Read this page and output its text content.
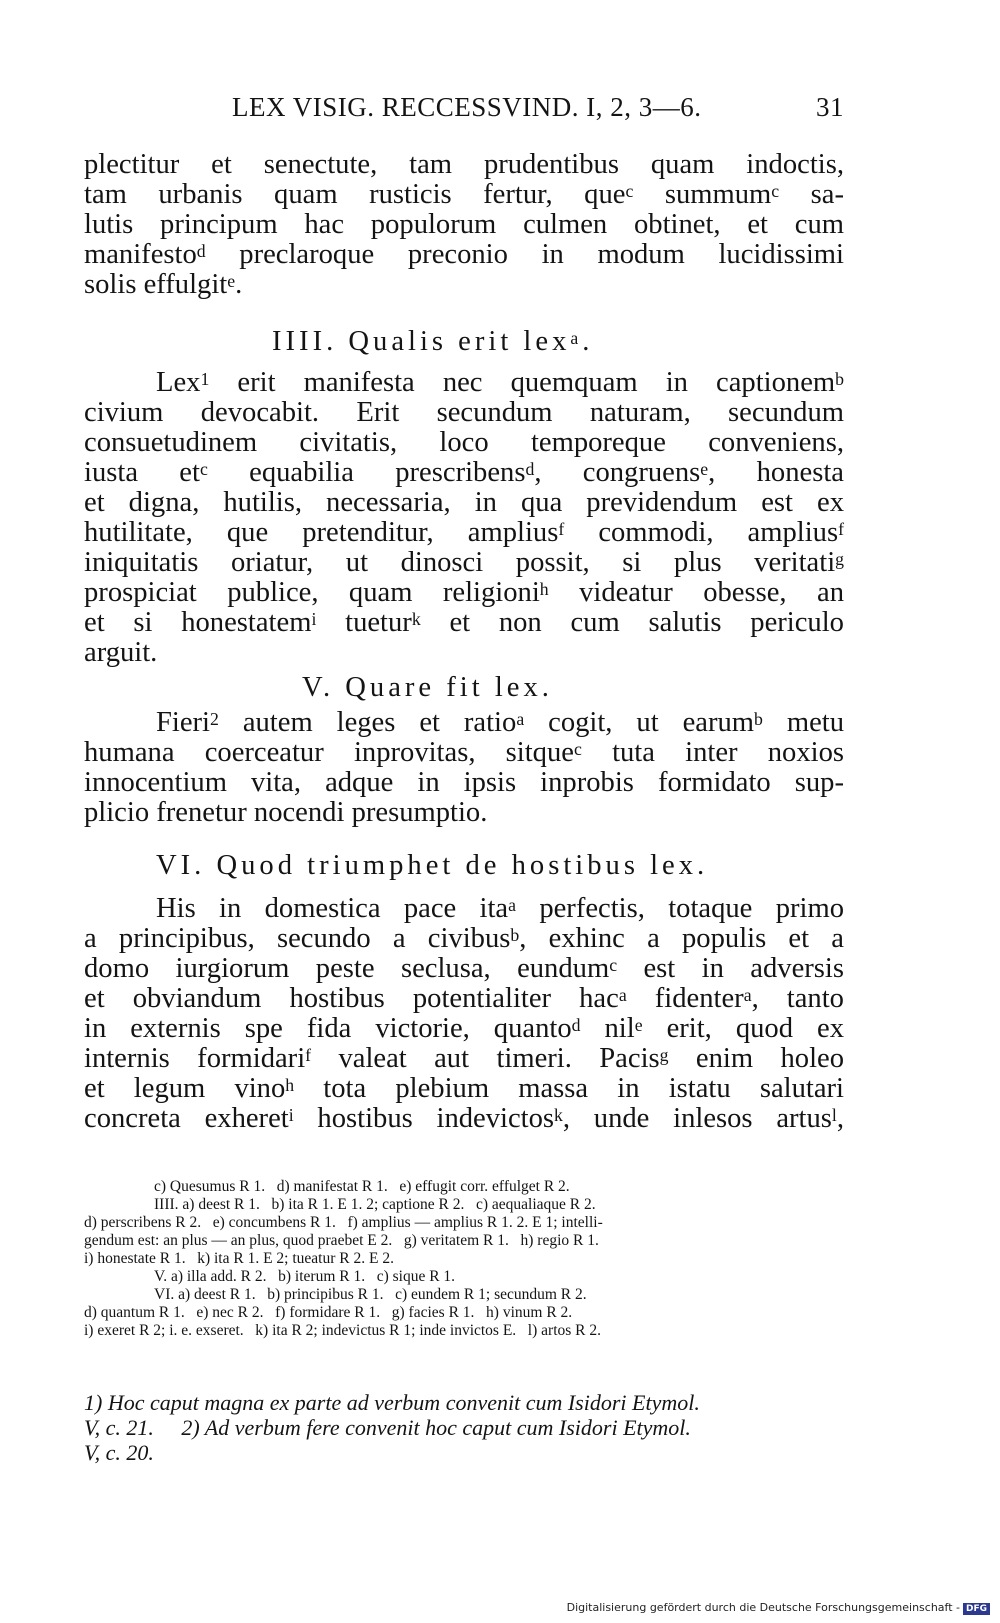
LEX VISIG. RECCESSVIND. I, 2, 3—6.	31
plectitur et senectute, tam prudentibus quam indoctis,
tam urbanis quam rusticis fertur, que$^c$ summum$^c$ sa-
lutis principum hac populorum culmen obtinet, et cum
manifesto$^d$ preclaroque preconio in modum lucidissimi
solis effulgit$^e$.
IIII. Qualis erit lex$^a$.
Lex$^1$ erit manifesta nec quemquam in captionem$^b$
civium devocabit. Erit secundum naturam, secundum
consuetudinem civitatis, loco temporeque conveniens,
iusta $et^c$ equabilia prescribens$^d$, congruens$^e$, honesta
et digna, hutilis, necessaria, in qua previdendum est ex
hutilitate, que pretenditur, amplius$^f$ commodi, amplius$^f$
iniquitatis oriatur, ut dinosci possit, si plus veritati$^g$
prospiciat publice, quam religioni$^h$ videatur obesse, an
et si honestatem$^i$ tuetur$^k$ et non cum salutis periculo
arguit.
V. Quare fit lex.
Fieri$^2$ autem leges et ratio$^a$ cogit, ut earum$^b$ metu
humana coerceatur inprovitas, sitque$^c$ tuta inter noxios
innocentium vita, adque in ipsis inprobis formidato sup-
plicio frenetur nocendi presumptio.
VI. Quod triumphet de hostibus lex.
His in domestica pace ita$^a$ perfectis, totaque primo
a principibus, secundo a civibus$^b$, exhinc a populis et a
domo iurgiorum peste seclusa, eundum$^c$ est in adversis
et obviandum hostibus potentialiter hac$^a$ fidenter$^a$, tanto
in externis spe fida victorie, quanto$^d$ nil$^e$ erit, quod ex
internis formidari$^f$ valeat aut timeri. Pacis$^g$ enim holeo
et legum vino$^h$ tota plebium massa in istatu salutari
concreta exheret$^i$ hostibus indevictos$^k$, unde inlesos artus$^l$,
c) Quesumus R 1.   d) manifestat R 1.   e) effugit corr. effulget R 2.
IIII. a) deest R 1.   b) ita R 1. E 1. 2; captione R 2.   c) aequaliaque R 2.
d) perscribens R 2.   e) concumbens R 1.   f) amplius — amplius R 1. 2. E 1; intelli-
gendum est: an plus — an plus, quod praebet E 2.   g) veritatem R 1.   h) regio R 1.
i) honestate R 1.   k) ita R 1. E 2; tueatur R 2. E 2.
V. a) illa add. R 2.   b) iterum R 1.   c) sique R 1.
VI. a) deest R 1.   b) principibus R 1.   c) eundem R 1; secundum R 2.
d) quantum R 1.   e) nec R 2.   f) formidare R 1.   g) facies R 1.   h) vinum R 2.
i) exeret R 2; i. e. exseret.   k) ita R 2; indevictus R 1; inde invictos E.   l) artos R 2.
1) Hoc caput magna ex parte ad verbum convenit cum Isidori Etymol.
V, c. 21.     2) Ad verbum fere convenit hoc caput cum Isidori Etymol.
V, c. 20.
Digitalisierung gefördert durch die Deutsche Forschungsgemeinschaft - DFG
